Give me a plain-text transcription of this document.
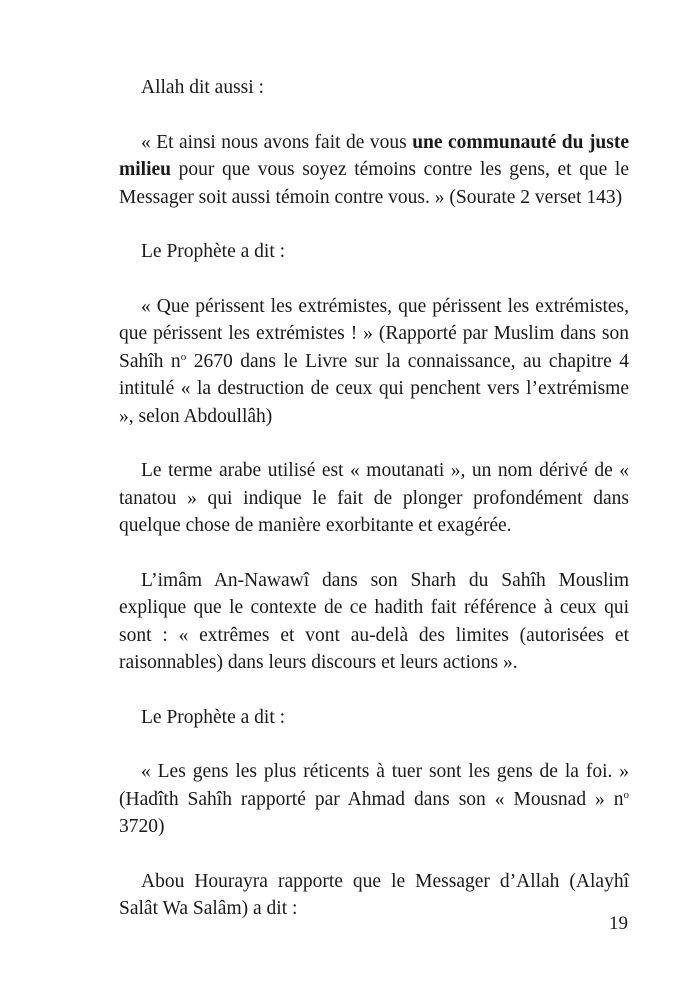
Allah dit aussi :

« Et ainsi nous avons fait de vous une communauté du juste milieu pour que vous soyez témoins contre les gens, et que le Messager soit aussi témoin contre vous. » (Sourate 2 verset 143)

Le Prophète a dit :

« Que périssent les extrémistes, que périssent les extrémistes, que périssent les extrémistes ! » (Rapporté par Muslim dans son Sahîh $n^o$ 2670 dans le Livre sur la connaissance, au chapitre 4 intitulé « la destruction de ceux qui penchent vers l’extrémisme », selon Abdoullâh)

Le terme arabe utilisé est « moutanati », un nom dérivé de « tanatou » qui indique le fait de plonger profondément dans quelque chose de manière exorbitante et exagérée.

L’imâm An-Nawawî dans son Sharh du Sahîh Mouslim explique que le contexte de ce hadith fait référence à ceux qui sont : « extrêmes et vont au-delà des limites (autorisées et raisonnables) dans leurs discours et leurs actions ».

Le Prophète a dit :

« Les gens les plus réticents à tuer sont les gens de la foi. » (Hadîth Sahîh rapporté par Ahmad dans son « Mousnad » $n^o$ 3720)

Abou Hourayra rapporte que le Messager d’Allah (Alayhî Salât Wa Salâm) a dit :

19
